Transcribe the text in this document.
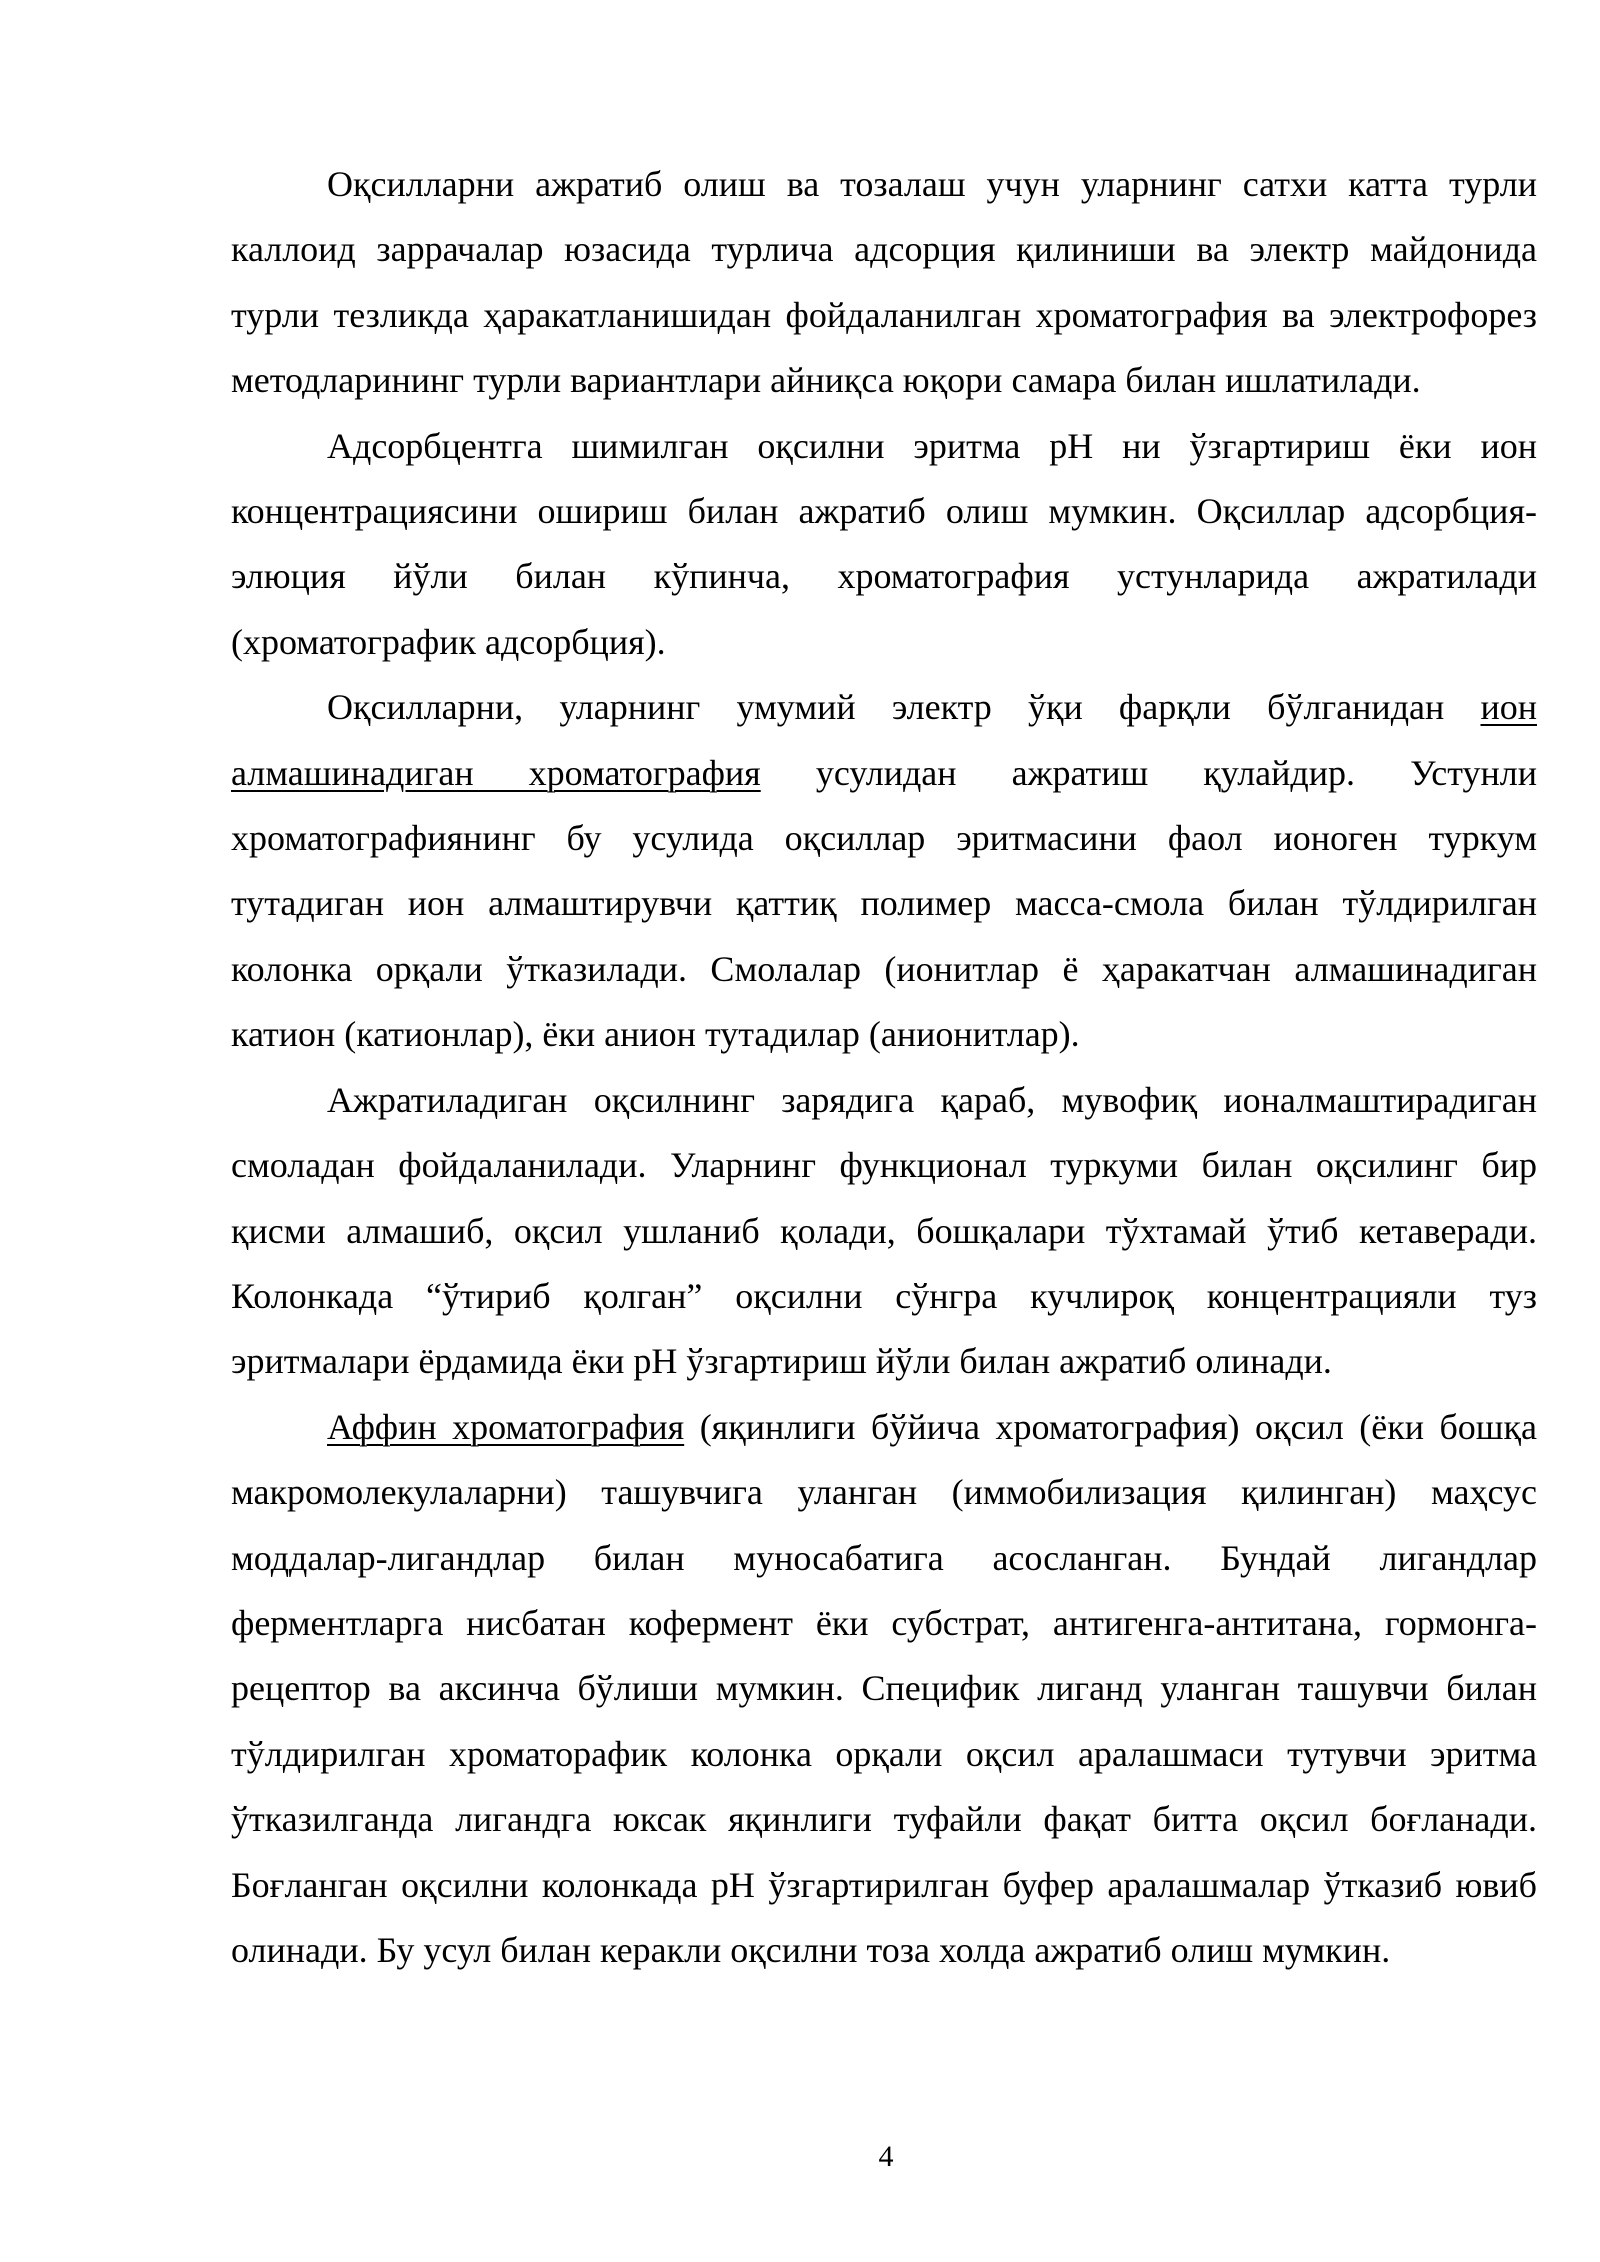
Оқсилларни ажратиб олиш ва тозалаш учун уларнинг сатхи катта турли каллоид заррачалар юзасида турлича адсорция қилиниши ва электр майдонида турли тезликда ҳаракатланишидан фойдаланилган хроматография ва электрофорез методларининг турли вариантлари айниқса юқори самара билан ишлатилади.

Адсорбцентга шимилган оқсилни эритма рН ни ўзгартириш ёки ион концентрациясини ошириш билан ажратиб олиш мумкин. Оқсиллар адсорбция-элюция йўли билан кўпинча, хроматография устунларида ажратилади (хроматографик адсорбция).

Оқсилларни, уларнинг умумий электр ўқи фарқли бўлганидан ион алмашинадиган хроматография усулидан ажратиш қулайдир. Устунли хроматографиянинг бу усулида оқсиллар эритмасини фаол ионоген туркум тутадиган ион алмаштирувчи қаттиқ полимер масса-смола билан тўлдирилган колонка орқали ўтказилади. Смолалар (ионитлар ё ҳаракатчан алмашинадиган катион (катионлар), ёки анион тутадилар (анионитлар).

Ажратиладиган оқсилнинг зарядига қараб, мувофиқ ионалмаштирадиган смоладан фойдаланилади. Уларнинг функционал туркуми билан оқсилинг бир қисми алмашиб, оқсил ушланиб қолади, бошқалари тўхтамай ўтиб кетаверади. Колонкада “ўтириб қолган” оқсилни сўнгра кучлироқ концентрацияли туз эритмалари ёрдамида ёки рН ўзгартириш йўли билан ажратиб олинади.

Аффин хроматография (яқинлиги бўйича хроматография) оқсил (ёки бошқа макромолекулаларни) ташувчига уланган (иммобилизация қилинган) маҳсус моддалар-лигандлар билан муносабатига асосланган. Бундай лигандлар ферментларга нисбатан кофермент ёки субстрат, антигенга-антитана, гормонга-рецептор ва аксинча бўлиши мумкин. Специфик лиганд уланган ташувчи билан тўлдирилган хроматорафик колонка орқали оқсил аралашмаси тутувчи эритма ўтказилганда лигандга юксак яқинлиги туфайли фақат битта оқсил боғланади. Боғланган оқсилни колонкада рН ўзгартирилган буфер аралашмалар ўтказиб ювиб олинади. Бу усул билан керакли оқсилни тоза холда ажратиб олиш мумкин.

4
